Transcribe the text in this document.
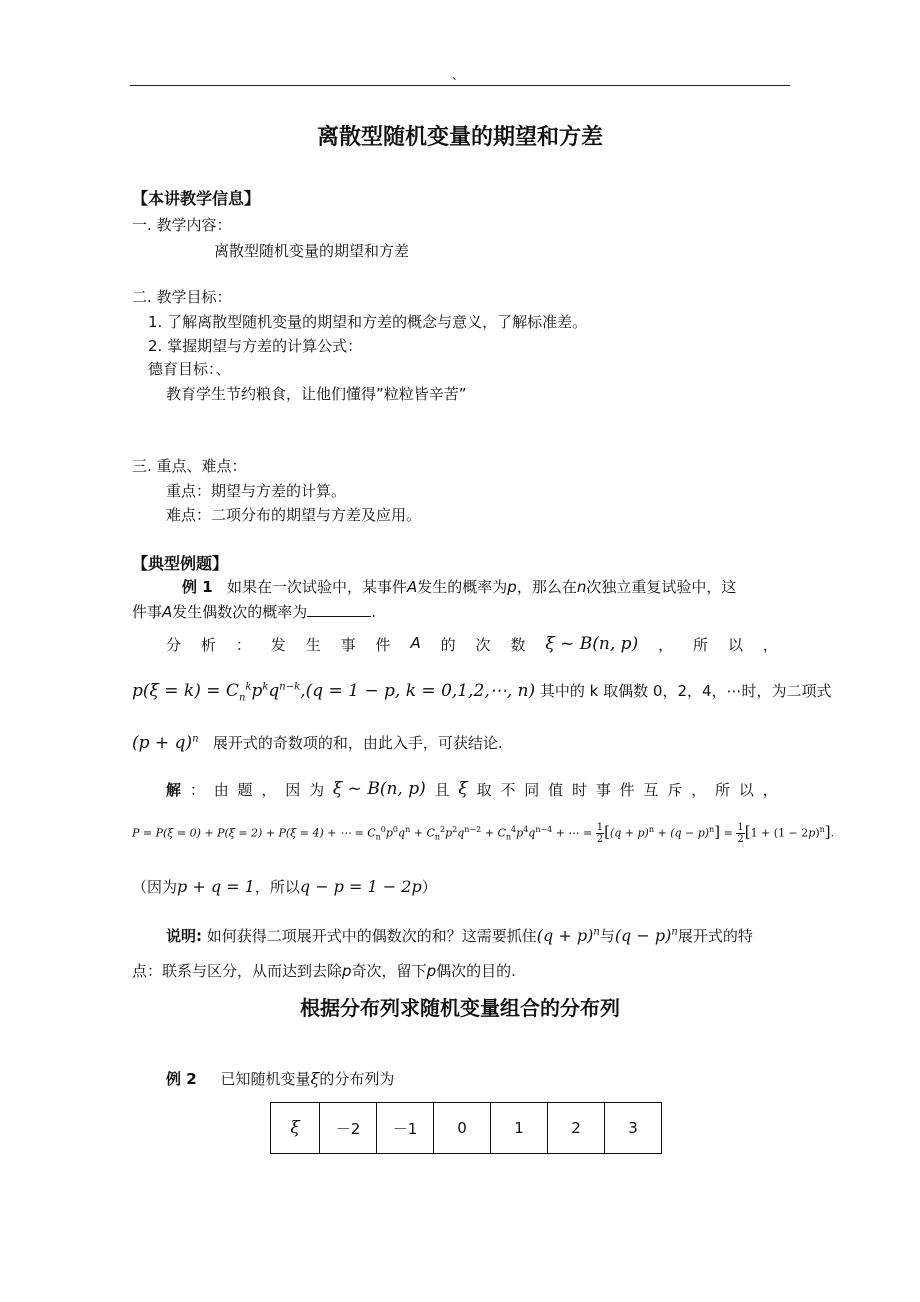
、
离散型随机变量的期望和方差
【本讲教学信息】
一. 教学内容：
离散型随机变量的期望和方差
二. 教学目标：
1. 了解离散型随机变量的期望和方差的概念与意义，了解标准差。
2. 掌握期望与方差的计算公式：
德育目标：、
教育学生节约粮食，让他们懂得”粒粒皆辛苦”
三. 重点、难点：
重点：期望与方差的计算。
难点：二项分布的期望与方差及应用。
【典型例题】
例 1 如果在一次试验中，某事件A发生的概率为p，那么在n次独立重复试验中，这
件事A发生偶数次的概率为	.
分 析 ： 发 生 事 件 A 的 次 数 ξ ~ B(n, p) ， 所 以 ，
$p(\xi = k) = C_n^kp^kq^{n-k},(q = 1 - p$, k = 0,1,2,⋯, n) 其中的 k 取偶数 0，2，4，⋯时，为二项式
$(p + q)^n$ 展开式的奇数项的和，由此入手，可获结论.
解 ： 由 题 ， 因 为 ξ ~ B(n, p) 且 ξ 取 不 同 值 时 事 件 互 斥 ， 所 以 ，
P = P(ξ = 0) + P(ξ = 2) + P(ξ = 4) + ⋯ = $C_n^0p^0q^n + C_n^2p^2q^{n-2} + C_n^4p^4q^{n-4}$ + ⋯ = $\frac{1}{2} [(q + p)^n + (q - p)^n] = \frac{1}{2} [1 + (1 - 2p)^n]$.
（因为p + q = 1，所以q − p = 1 − 2p）
说明: 如何获得二项展开式中的偶数次的和？这需要抓住$(q + p)^n$与$(q - p)^n$展开式的特
点：联系与区分，从而达到去除p奇次，留下p偶次的目的.
根据分布列求随机变量组合的分布列
例 2 已知随机变量ξ的分布列为
ξ	－2	－1	0	1	2	3
